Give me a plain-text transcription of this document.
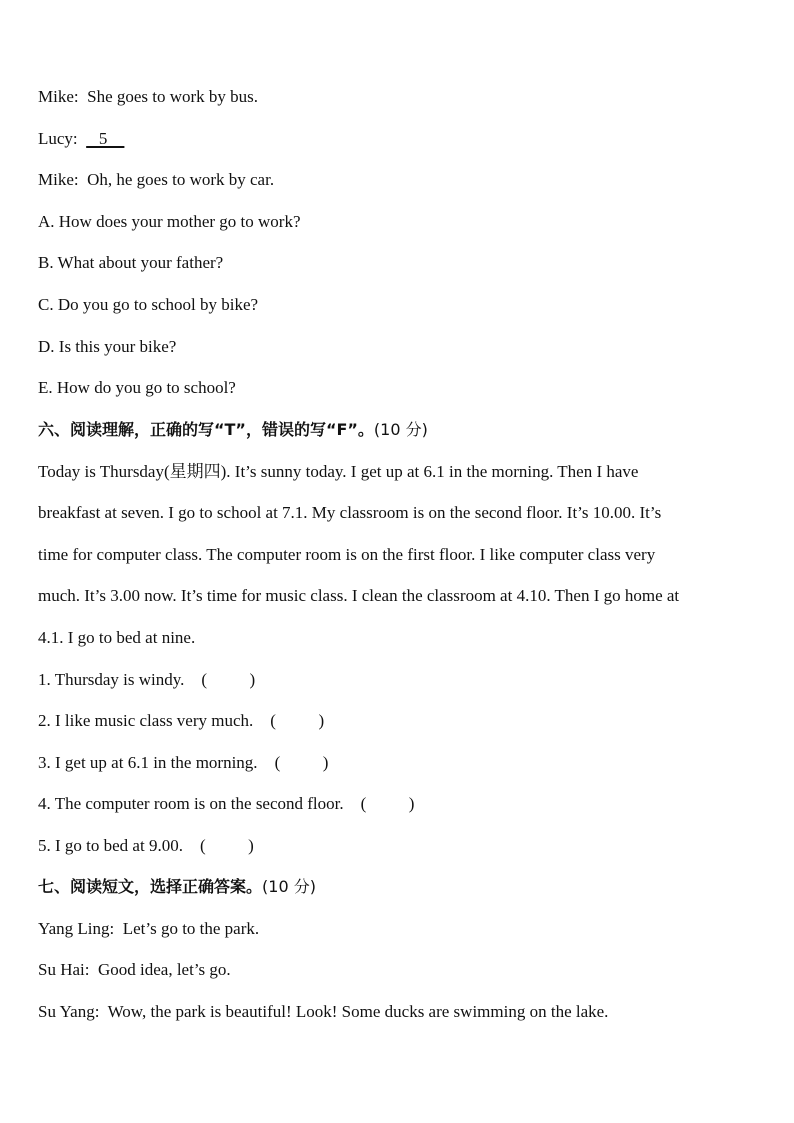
Mike: She goes to work by bus.
Lucy:     5
Mike: Oh, he goes to work by car.
A. How does your mother go to work?
B. What about your father?
C. Do you go to school by bike?
D. Is this your bike?
E. How do you go to school?
六、阅读理解，正确的写“T”，错误的写“F”。(10 分)
Today is Thursday(星期四). It’s sunny today. I get up at 6.1 in the morning. Then I have
breakfast at seven. I go to school at 7.1. My classroom is on the second floor. It’s 10.00. It’s
time for computer class. The computer room is on the first floor. I like computer class very
much. It’s 3.00 now. It’s time for music class. I clean the classroom at 4.10. Then I go home at
4.1. I go to bed at nine.
1. Thursday is windy. (          )
2. I like music class very much. (          )
3. I get up at 6.1 in the morning. (          )
4. The computer room is on the second floor. (          )
5. I go to bed at 9.00. (          )
七、阅读短文，选择正确答案。(10 分)
Yang Ling: Let’s go to the park.
Su Hai: Good idea, let’s go.
Su Yang: Wow, the park is beautiful! Look! Some ducks are swimming on the lake.
